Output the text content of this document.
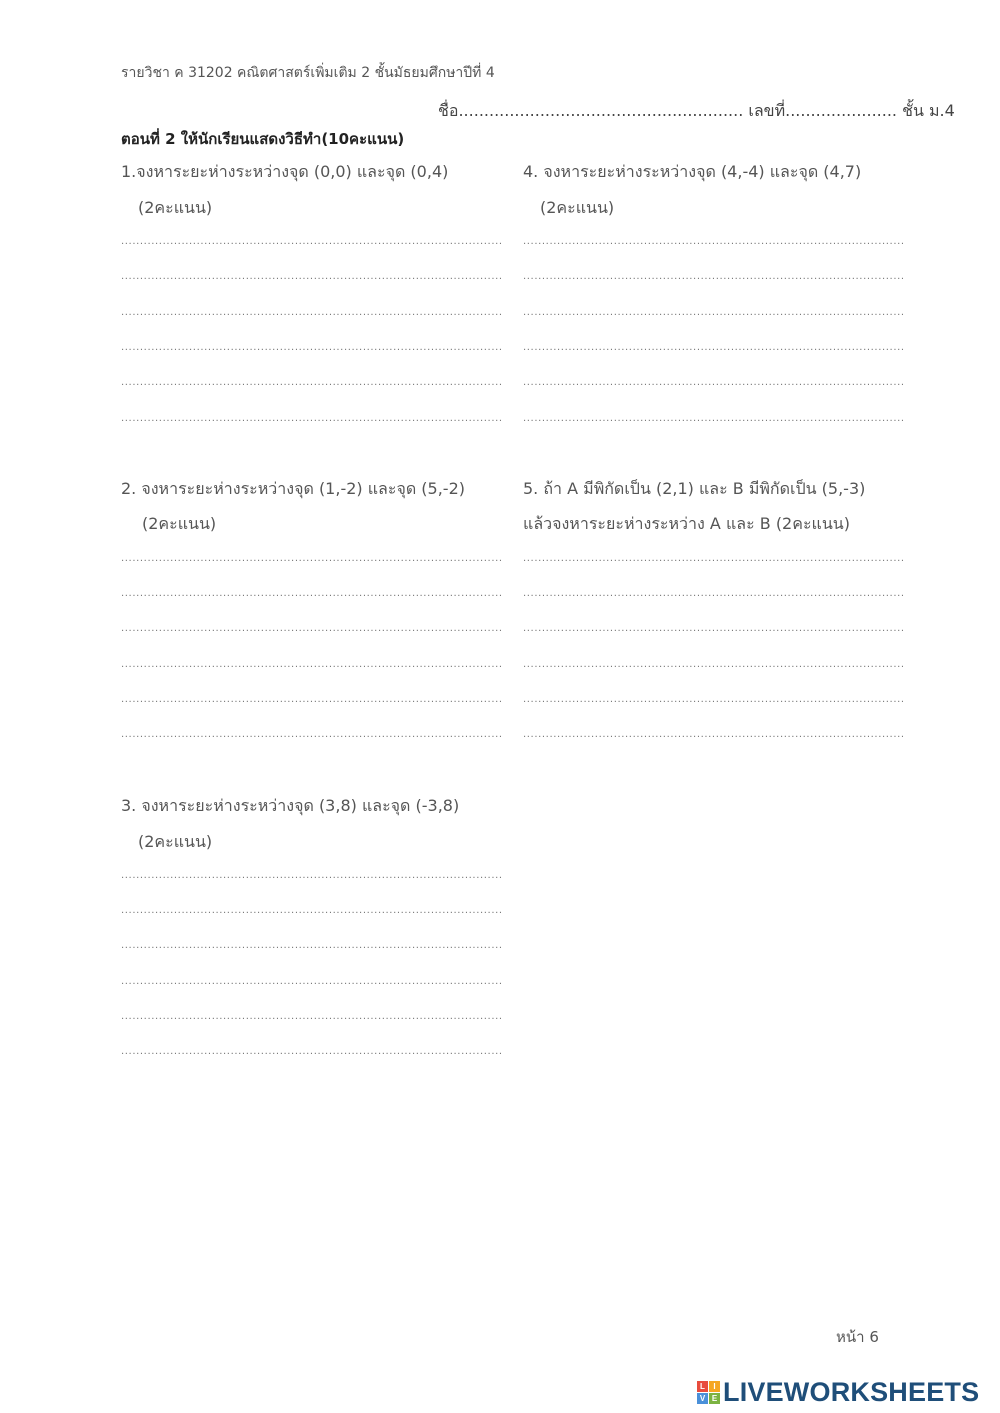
รายวิชา ค 31202 คณิตศาสตร์เพิ่มเติม 2 ชั้นมัธยมศึกษาปีที่ 4
ชื่อ........................................................ เลขที่...................... ชั้น ม.4
ตอนที่ 2 ให้นักเรียนแสดงวิธีทำ(10คะแนน)
1.จงหาระยะห่างระหว่างจุด (0,0) และจุด (0,4)
(2คะแนน)
.....................................................................................................
.....................................................................................................
.....................................................................................................
.....................................................................................................
.....................................................................................................
.....................................................................................................
4. จงหาระยะห่างระหว่างจุด (4,-4) และจุด (4,7)
(2คะแนน)
.....................................................................................................
.....................................................................................................
.....................................................................................................
.....................................................................................................
.....................................................................................................
.....................................................................................................
2. จงหาระยะห่างระหว่างจุด (1,-2) และจุด (5,-2)
(2คะแนน)
.....................................................................................................
.....................................................................................................
.....................................................................................................
.....................................................................................................
.....................................................................................................
.....................................................................................................
5. ถ้า A มีพิกัดเป็น (2,1) และ B มีพิกัดเป็น (5,-3)
แล้วจงหาระยะห่างระหว่าง A และ B (2คะแนน)
.....................................................................................................
.....................................................................................................
.....................................................................................................
.....................................................................................................
.....................................................................................................
.....................................................................................................
3. จงหาระยะห่างระหว่างจุด (3,8) และจุด (-3,8)
(2คะแนน)
.....................................................................................................
.....................................................................................................
.....................................................................................................
.....................................................................................................
.....................................................................................................
.....................................................................................................
หน้า 6
L	I
V E LIVEWORKSHEETS
